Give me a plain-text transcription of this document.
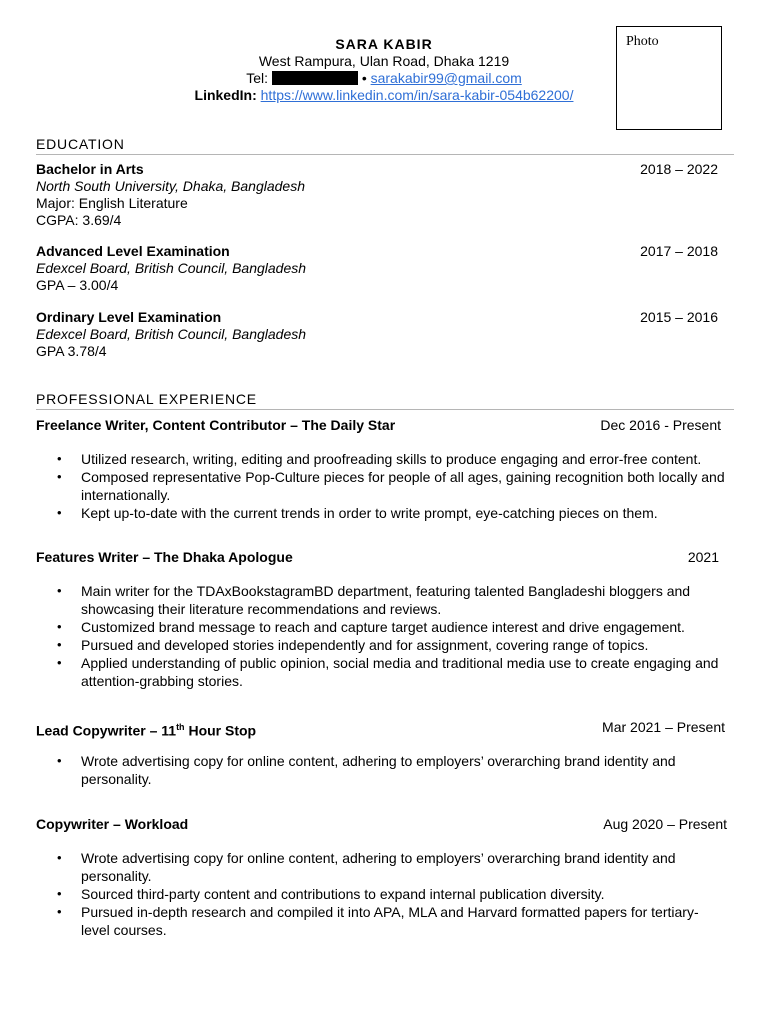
SARA KABIR
West Rampura, Ulan Road, Dhaka 1219
Tel:	• sarakabir99@gmail.com
LinkedIn: https://www.linkedin.com/in/sara-kabir-054b62200/
Photo
EDUCATION
Bachelor in Arts
North South University, Dhaka, Bangladesh
Major: English Literature
CGPA: 3.69/4
2018 – 2022
Advanced Level Examination
Edexcel Board, British Council, Bangladesh
GPA – 3.00/4
2017 – 2018
Ordinary Level Examination
Edexcel Board, British Council, Bangladesh
GPA 3.78/4
2015 – 2016
PROFESSIONAL EXPERIENCE
Freelance Writer, Content Contributor – The Daily Star	Dec 2016 - Present
• Utilized research, writing, editing and proofreading skills to produce engaging and error-free content.
• Composed representative Pop-Culture pieces for people of all ages, gaining recognition both locally and internationally.
• Kept up-to-date with the current trends in order to write prompt, eye-catching pieces on them.
Features Writer – The Dhaka Apologue	2021
• Main writer for the TDAxBookstagramBD department, featuring talented Bangladeshi bloggers and showcasing their literature recommendations and reviews.
• Customized brand message to reach and capture target audience interest and drive engagement.
• Pursued and developed stories independently and for assignment, covering range of topics.
• Applied understanding of public opinion, social media and traditional media use to create engaging and attention-grabbing stories.
Lead Copywriter – 11th Hour Stop	Mar 2021 – Present
• Wrote advertising copy for online content, adhering to employers’ overarching brand identity and personality.
Copywriter – Workload	Aug 2020 – Present
• Wrote advertising copy for online content, adhering to employers’ overarching brand identity and personality.
• Sourced third-party content and contributions to expand internal publication diversity.
• Pursued in-depth research and compiled it into APA, MLA and Harvard formatted papers for tertiary-level courses.
